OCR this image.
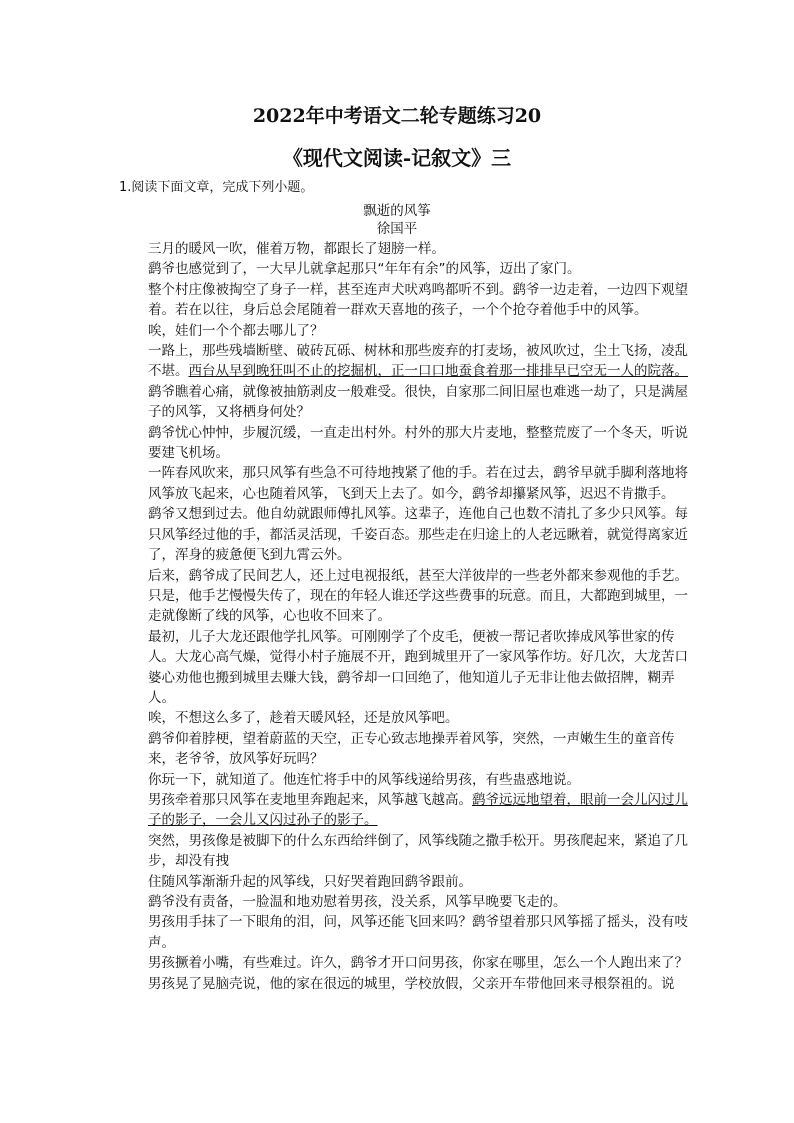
2022年中考语文二轮专题练习20
《现代文阅读-记叙文》三
1.阅读下面文章，完成下列小题。
飘逝的风筝
徐国平

三月的暖风一吹，催着万物，都跟长了翅膀一样。

鹞爷也感觉到了，一大早儿就拿起那只“年年有余”的风筝，迈出了家门。

整个村庄像被掏空了身子一样，甚至连声犬吠鸡鸣都听不到。鹞爷一边走着，一边四下观望着。若在以往，身后总会尾随着一群欢天喜地的孩子，一个个抢夺着他手中的风筝。

唉，娃们一个个都去哪儿了？

一路上，那些残墙断壁、破砖瓦砾、树林和那些废弃的打麦场，被风吹过，尘土飞扬，凌乱不堪。西台从早到晚狂叫不止的挖掘机，正一口口地蚕食着那一排排早已空无一人的院落。

鹞爷瞧着心痛，就像被抽筋剥皮一般难受。很快，自家那二间旧屋也难逃一劫了，只是满屋子的风筝，又将栖身何处？

鹞爷忧心忡忡，步履沉缓，一直走出村外。村外的那大片麦地，整整荒废了一个冬天，听说要建飞机场。

一阵春风吹来，那只风筝有些急不可待地拽紧了他的手。若在过去，鹞爷早就手脚利落地将风筝放飞起来，心也随着风筝，飞到天上去了。如今，鹞爷却攥紧风筝，迟迟不肯撒手。

鹞爷又想到过去。他自幼就跟师傅扎风筝。这辈子，连他自己也数不清扎了多少只风筝。每只风筝经过他的手，都活灵活现，千姿百态。那些走在归途上的人老远瞅着，就觉得离家近了，浑身的疲惫便飞到九霄云外。

后来，鹞爷成了民间艺人，还上过电视报纸，甚至大洋彼岸的一些老外都来参观他的手艺。只是，他手艺慢慢失传了，现在的年轻人谁还学这些费事的玩意。而且，大都跑到城里，一走就像断了线的风筝，心也收不回来了。

最初，儿子大龙还跟他学扎风筝。可刚刚学了个皮毛，便被一帮记者吹捧成风筝世家的传人。大龙心高气燥，觉得小村子施展不开，跑到城里开了一家风筝作坊。好几次，大龙苦口婆心劝他也搬到城里去赚大钱，鹞爷却一口回绝了，他知道儿子无非让他去做招牌，糊弄人。

唉，不想这么多了，趁着天暖风轻，还是放风筝吧。

鹞爷仰着脖梗，望着蔚蓝的天空，正专心致志地操弄着风筝，突然，一声嫩生生的童音传来，老爷爷，放风筝好玩吗？

你玩一下，就知道了。他连忙将手中的风筝线递给男孩，有些蛊惑地说。

男孩牵着那只风筝在麦地里奔跑起来，风筝越飞越高。鹞爷远远地望着，眼前一会儿闪过儿子的影子，一会儿又闪过孙子的影子。

突然，男孩像是被脚下的什么东西给绊倒了，风筝线随之撒手松开。男孩爬起来，紧追了几步，却没有拽

住随风筝渐渐升起的风筝线，只好哭着跑回鹞爷跟前。

鹞爷没有责备，一脸温和地劝慰着男孩，没关系，风筝早晚要飞走的。

男孩用手抹了一下眼角的泪，问，风筝还能飞回来吗？鹞爷望着那只风筝摇了摇头，没有吱声。

男孩撅着小嘴，有些难过。许久，鹞爷才开口问男孩，你家在哪里，怎么一个人跑出来了？

男孩晃了晃脑壳说，他的家在很远的城里，学校放假，父亲开车带他回来寻根祭祖的。说
